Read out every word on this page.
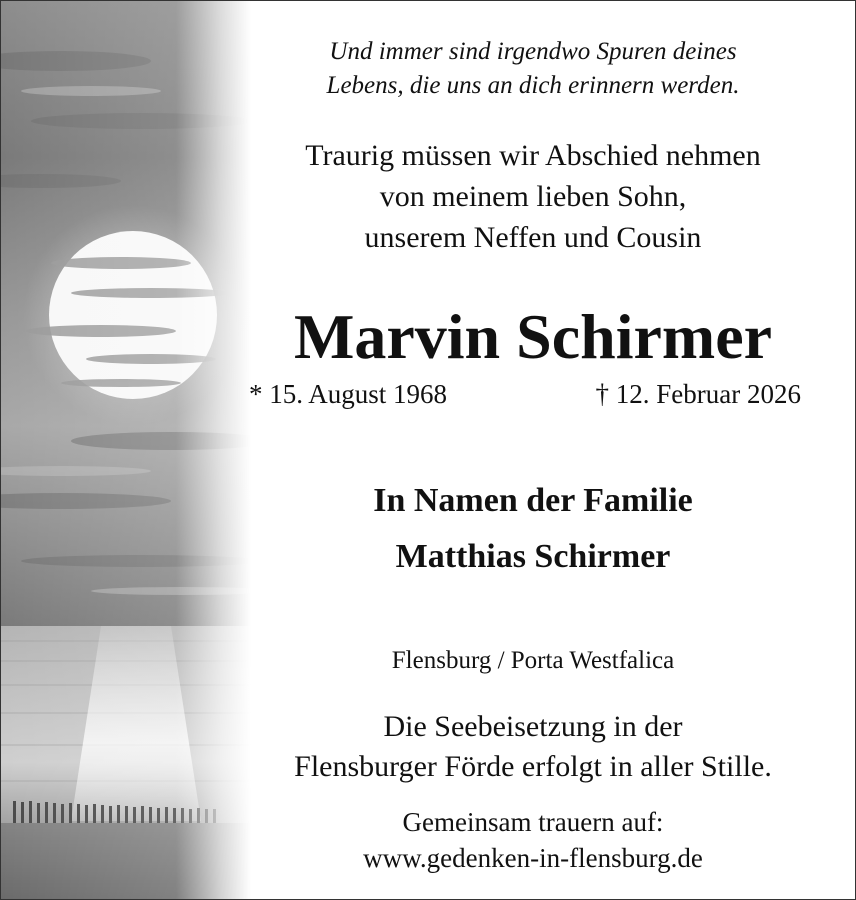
Und immer sind irgendwo Spuren deines
Lebens, die uns an dich erinnern werden.
Traurig müssen wir Abschied nehmen
von meinem lieben Sohn,
unserem Neffen und Cousin
Marvin Schirmer
* 15. August 1968	† 12. Februar 2026
In Namen der Familie
Matthias Schirmer
Flensburg / Porta Westfalica
Die Seebeisetzung in der
Flensburger Förde erfolgt in aller Stille.
Gemeinsam trauern auf:
www.gedenken-in-flensburg.de
